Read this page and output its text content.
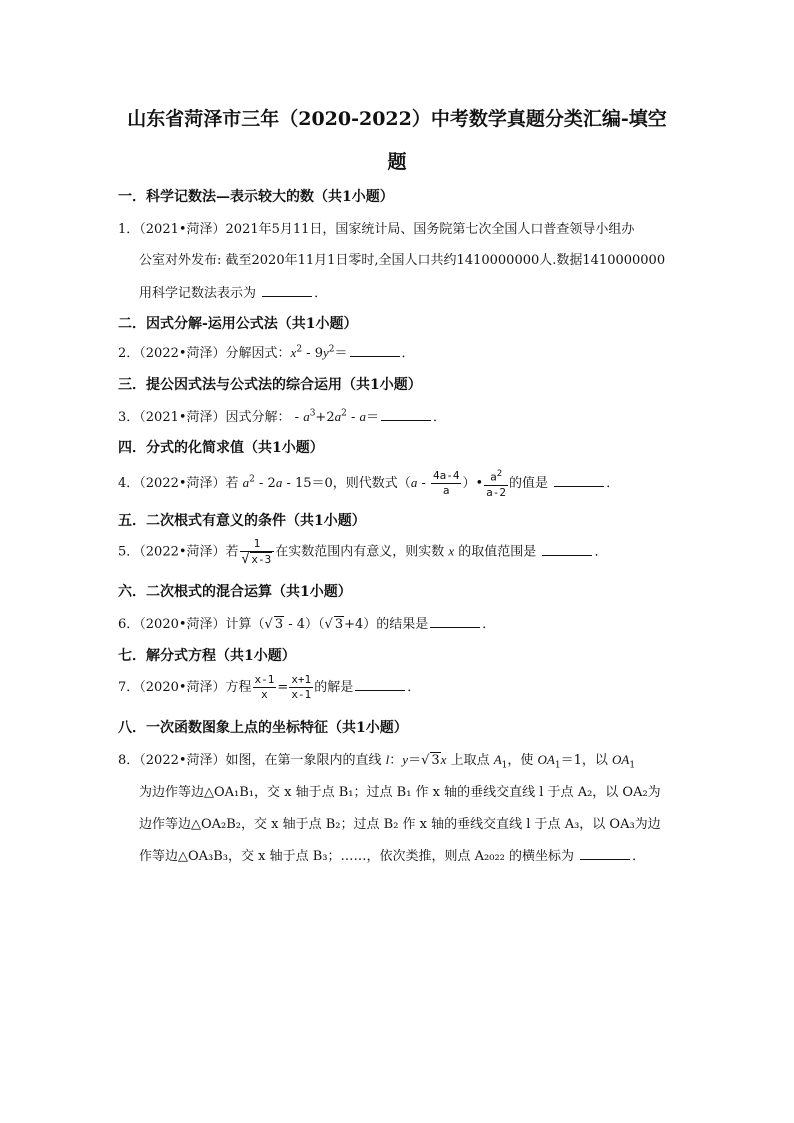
山东省菏泽市三年（2020-2022）中考数学真题分类汇编-填空
题
一．科学记数法—表示较大的数（共1小题）
1．（2021•菏泽）2021年5月11日，国家统计局、国务院第七次全国人口普查领导小组办
公室对外发布: 截至2020年11月1日零时,全国人口共约1410000000人.数据1410000000
用科学记数法表示为	．
二．因式分解-运用公式法（共1小题）
2．（2022•菏泽）分解因式：$x^2 - 9y^2=$	．
三．提公因式法与公式法的综合运用（共1小题）
3．（2021•菏泽）因式分解： - $a^3+2a^2 - a=$	．
四．分式的化简求值（共1小题）
4．（2022•菏泽）若 $a^2 - 2a - 15=0$，则代数式（$a - \frac{4a-4}{a}$ ）• $\frac{a^2}{a-2}$ 的值是	．
五．二次根式有意义的条件（共1小题）
5．（2022•菏泽）若 $\frac{1}{√ x-3}$ 在实数范围内有意义，则实数 x 的取值范围是	．
六．二次根式的混合运算（共1小题）
6．（2020•菏泽）计算（√ 3 - 4）（√ 3+4）的结果是	．
七．解分式方程（共1小题）
7．（2020•菏泽）方程 $\frac{x-1}{x} = \frac{x+1}{x-1}$ 的解是	．
八．一次函数图象上点的坐标特征（共1小题）
8．（2022•菏泽）如图，在第一象限内的直线 l：y＝√ 3x 上取点 $A_1$，使 $OA_1=1$，以 $OA_1$
为边作等边△OA₁B₁，交 x 轴于点 B₁；过点 B₁ 作 x 轴的垂线交直线 l 于点 A₂，以 OA₂为
边作等边△OA₂B₂，交 x 轴于点 B₂；过点 B₂ 作 x 轴的垂线交直线 l 于点 A₃，以 OA₃为边
作等边△OA₃B₃，交 x 轴于点 B₃；……，依次类推，则点 A₂₀₂₂ 的横坐标为	．
